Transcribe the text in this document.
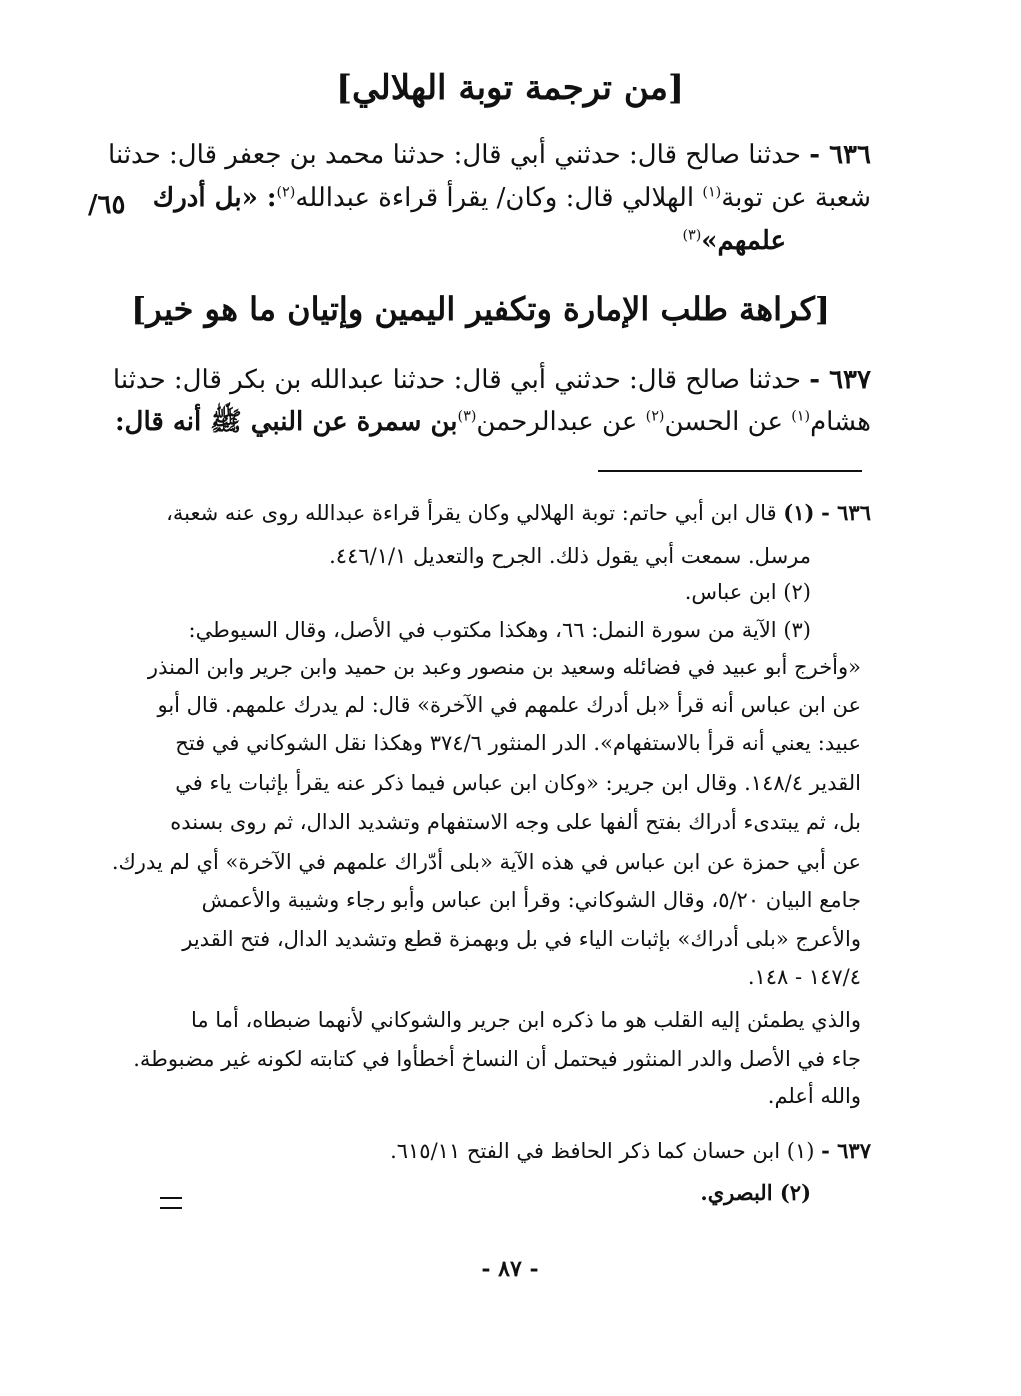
[من ترجمة توبة الهلالي]
٦٣٦ - حدثنا صالح قال: حدثني أبي قال: حدثنا محمد بن جعفر قال: حدثنا
شعبة عن توبة$^{(١)}$ الهلالي قال: وكان/ يقرأ قراءة عبدالله$^{(٢)}$: «بل أدرك
علمهم»$^{(٣)}$
/٦٥
[كراهة طلب الإمارة وتكفير اليمين وإتيان ما هو خير]
٦٣٧ - حدثنا صالح قال: حدثني أبي قال: حدثنا عبدالله بن بكر قال: حدثنا
هشام$^{(١)}$ عن الحسن$^{(٢)}$ عن عبدالرحمن$^{(٣)}$بن سمرة عن النبي ﷺ أنه قال:
٦٣٦ - (١) قال ابن أبي حاتم: توبة الهلالي وكان يقرأ قراءة عبدالله روى عنه شعبة،
مرسل. سمعت أبي يقول ذلك. الجرح والتعديل ٤٤٦/١/١.
(٢) ابن عباس.
(٣) الآية من سورة النمل: ٦٦، وهكذا مكتوب في الأصل، وقال السيوطي:
«وأخرج أبو عبيد في فضائله وسعيد بن منصور وعبد بن حميد وابن جرير وابن المنذر
عن ابن عباس أنه قرأ «بل أدرك علمهم في الآخرة» قال: لم يدرك علمهم. قال أبو
عبيد: يعني أنه قرأ بالاستفهام». الدر المنثور ٣٧٤/٦ وهكذا نقل الشوكاني في فتح
القدير ١٤٨/٤. وقال ابن جرير: «وكان ابن عباس فيما ذكر عنه يقرأ بإثبات ياء في
بل، ثم يبتدىء أدراك بفتح ألفها على وجه الاستفهام وتشديد الدال، ثم روى بسنده
عن أبي حمزة عن ابن عباس في هذه الآية «بلى أدّراك علمهم في الآخرة» أي لم يدرك.
جامع البيان ٥/٢٠، وقال الشوكاني: وقرأ ابن عباس وأبو رجاء وشيبة والأعمش
والأعرج «بلى أدراك» بإثبات الياء في بل وبهمزة قطع وتشديد الدال، فتح القدير
١٤٧/٤ - ١٤٨.
والذي يطمئن إليه القلب هو ما ذكره ابن جرير والشوكاني لأنهما ضبطاه، أما ما
جاء في الأصل والدر المنثور فيحتمل أن النساخ أخطأوا في كتابته لكونه غير مضبوطة.
والله أعلم.
٦٣٧ - (١) ابن حسان كما ذكر الحافظ في الفتح ٦١٥/١١.
(٢) البصري.
- ٨٧ -
